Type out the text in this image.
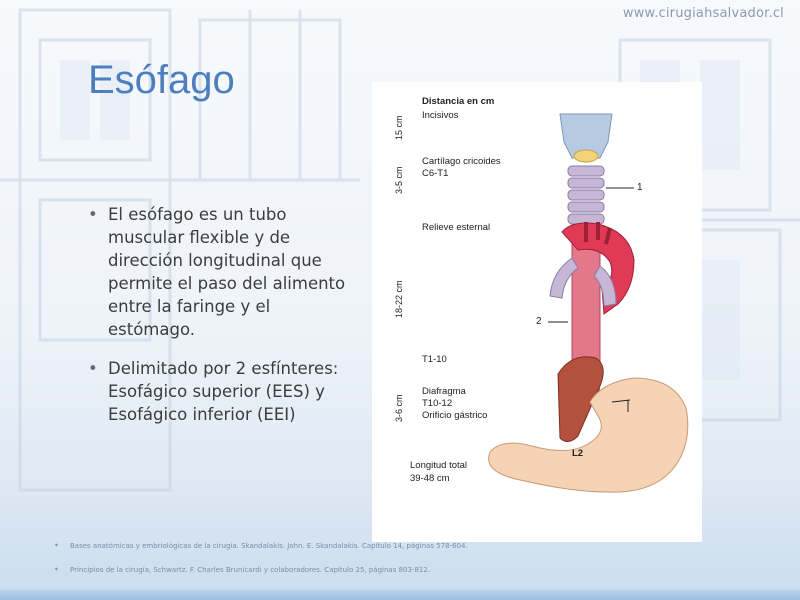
www.cirugiahsalvador.cl
Esófago
• El esófago es un tubo muscular flexible y de dirección longitudinal que permite el paso del alimento entre la faringe y el estómago.
• Delimitado por 2 esfínteres: Esofágico superior (EES) y Esofágico inferior (EEI)
Distancia en cm
Incisivos
Cartílago cricoides
C6-T1
Relieve esternal
T1-10
Diafragma
T10-12
Orificio gástrico
Longitud total
39-48 cm
L2
15 cm
3-5 cm
18-22 cm
3-6 cm
1
2
• Bases anatómicas y embriológicas de la cirugía. Skandalakis. John. E. Skandalakis. Capítulo 14, páginas 578-604.
• Principios de la cirugía, Schwartz. F. Charles Brunicardi y colaboradores. Capítulo 25, páginas 803-812.
